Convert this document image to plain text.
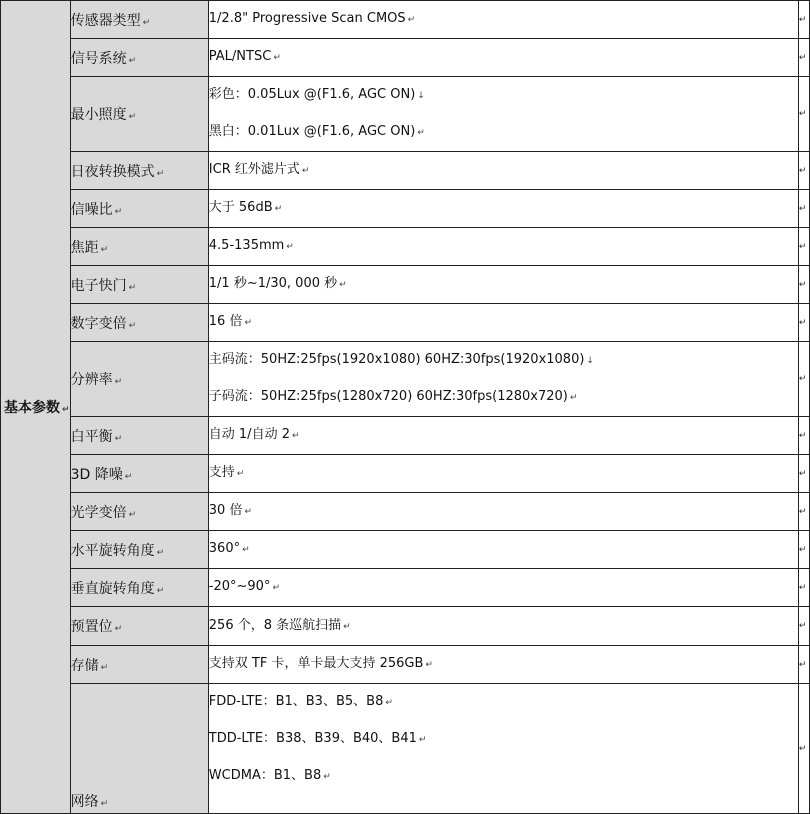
基本参数 ↵	传感器类型 ↵	1/2.8" Progressive Scan CMOS ↵	↵
	信号系统 ↵	PAL/NTSC ↵	↵
	最小照度 ↵	彩色：0.05Lux @(F1.6, AGC ON) ↓
黑白：0.01Lux @(F1.6, AGC ON) ↵	↵
	日夜转换模式 ↵	ICR 红外滤片式 ↵	↵
	信噪比 ↵	大于 56dB ↵	↵
	焦距 ↵	4.5-135mm ↵	↵
	电子快门 ↵	1/1 秒~1/30, 000 秒 ↵	↵
	数字变倍 ↵	16 倍 ↵	↵
	分辨率 ↵	主码流：50HZ:25fps(1920x1080) 60HZ:30fps(1920x1080) ↓
子码流：50HZ:25fps(1280x720) 60HZ:30fps(1280x720) ↵	↵
	白平衡 ↵	自动 1/自动 2 ↵	↵
	3D 降噪 ↵	支持 ↵	↵
	光学变倍 ↵	30 倍 ↵	↵
	水平旋转角度 ↵	360° ↵	↵
	垂直旋转角度 ↵	-20°~90° ↵	↵
	预置位 ↵	256 个，8 条巡航扫描 ↵	↵
	存储 ↵	支持双 TF 卡，单卡最大支持 256GB ↵	↵
	网络 ↵	FDD-LTE：B1、B3、B5、B8 ↵
TDD-LTE：B38、B39、B40、B41 ↵
WCDMA：B1、B8 ↵	↵
